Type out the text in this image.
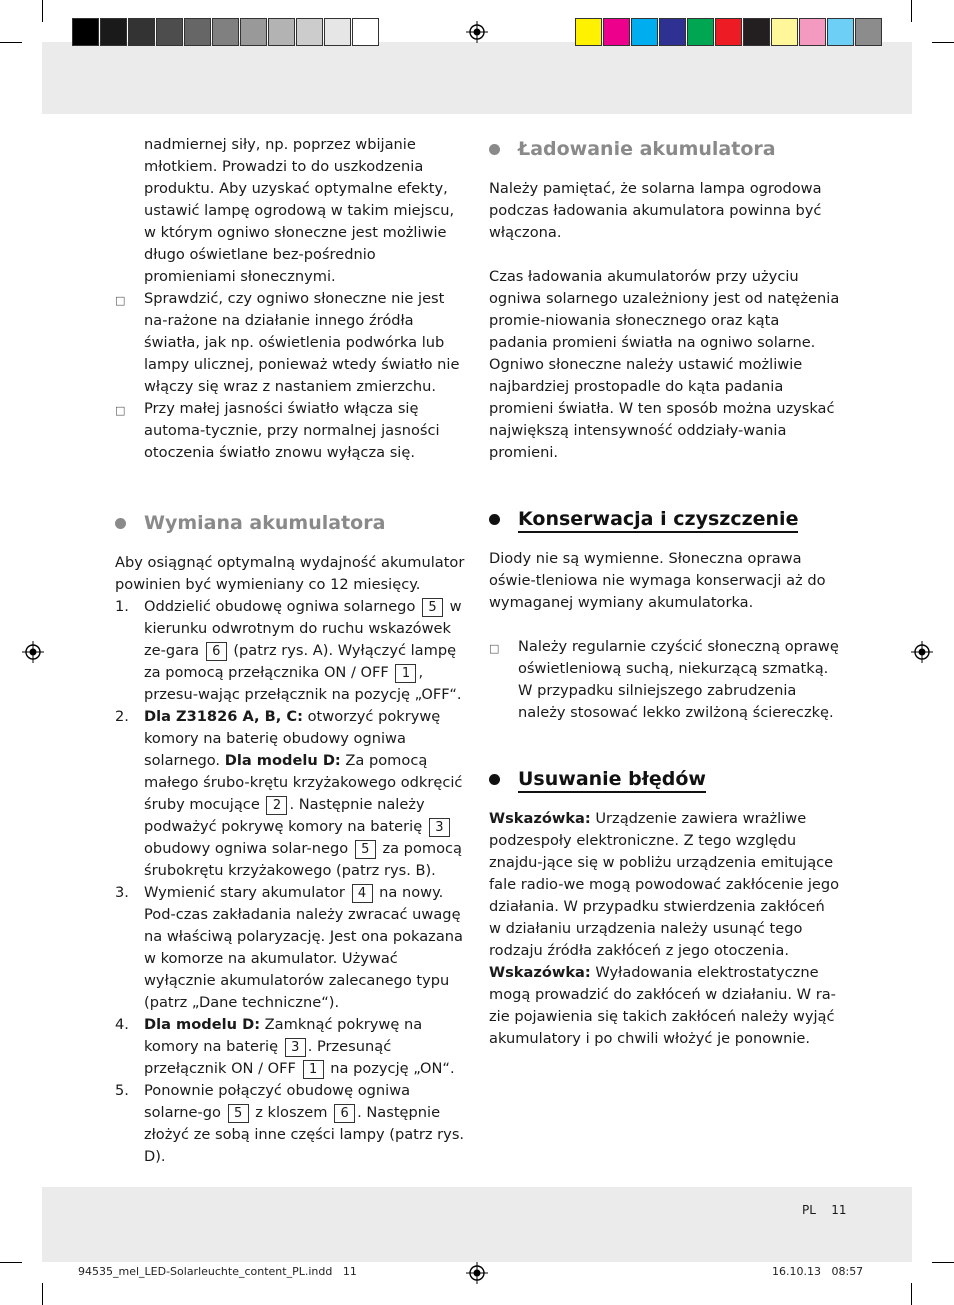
nadmiernej siły, np. poprzez wbijanie młotkiem. Prowadzi to do uszkodzenia produktu. Aby uzyskać optymalne efekty, ustawić lampę ogrodową w takim miejscu, w którym ogniwo słoneczne jest możliwie długo oświetlane bez-pośrednio promieniami słonecznymi.

□ Sprawdzić, czy ogniwo słoneczne nie jest na-rażone na działanie innego źródła światła, jak np. oświetlenia podwórka lub lampy ulicznej, ponieważ wtedy światło nie włączy się wraz z nastaniem zmierzchu.
□ Przy małej jasności światło włącza się automa-tycznie, przy normalnej jasności otoczenia światło znowu wyłącza się.
Wymiana akumulatora

Aby osiągnąć optymalną wydajność akumulator powinien być wymieniany co 12 miesięcy.

1. Oddzielić obudowę ogniwa solarnego 5 w kierunku odwrotnym do ruchu wskazówek ze-gara 6 (patrz rys. A). Wyłączyć lampę za pomocą przełącznika ON / OFF 1 , przesu-wając przełącznik na pozycję „OFF“.
2. Dla Z31826 A, B, C: otworzyć pokrywę komory na baterię obudowy ogniwa solarnego. Dla modelu D: Za pomocą małego śrubo-krętu krzyżakowego odkręcić śruby mocujące 2 . Następnie należy podważyć pokrywę komory na baterię 3 obudowy ogniwa solar-nego 5 za pomocą śrubokrętu krzyżakowego (patrz rys. B).
3. Wymienić stary akumulator 4 na nowy. Pod-czas zakładania należy zwracać uwagę na właściwą polaryzację. Jest ona pokazana w komorze na akumulator. Używać wyłącznie akumulatorów zalecanego typu (patrz „Dane techniczne“).
4. Dla modelu D: Zamknąć pokrywę na komory na baterię 3 . Przesunąć przełącznik ON / OFF 1 na pozycję „ON“.
5. Ponownie połączyć obudowę ogniwa solarne-go 5 z kloszem 6 . Następnie złożyć ze sobą inne części lampy (patrz rys. D).
Ładowanie akumulatora

Należy pamiętać, że solarna lampa ogrodowa podczas ładowania akumulatora powinna być włączona.

Czas ładowania akumulatorów przy użyciu ogniwa solarnego uzależniony jest od natężenia promie-niowania słonecznego oraz kąta padania promieni światła na ogniwo solarne. Ogniwo słoneczne należy ustawić możliwie najbardziej prostopadle do kąta padania promieni światła. W ten sposób można uzyskać największą intensywność oddziały-wania promieni.

Konserwacja i czyszczenie

Diody nie są wymienne. Słoneczna oprawa oświe-tleniowa nie wymaga konserwacji aż do wymaganej wymiany akumulatorka.

□ Należy regularnie czyścić słoneczną oprawę oświetleniową suchą, niekurzącą szmatką. W przypadku silniejszego zabrudzenia należy stosować lekko zwilżoną ściereczkę.
Usuwanie błędów

Wskazówka: Urządzenie zawiera wrażliwe podzespoły elektroniczne. Z tego względu znajdu-jące się w pobliżu urządzenia emitujące fale radio-we mogą powodować zakłócenie jego działania. W przypadku stwierdzenia zakłóceń w działaniu urządzenia należy usunąć tego rodzaju źródła zakłóceń z jego otoczenia.

Wskazówka: Wyładowania elektrostatyczne mogą prowadzić do zakłóceń w działaniu. W ra-zie pojawienia się takich zakłóceń należy wyjąć akumulatory i po chwili włożyć je ponownie.

PL 11
94535_mel_LED-Solarleuchte_content_PL.indd 11	16.10.13 08:57
